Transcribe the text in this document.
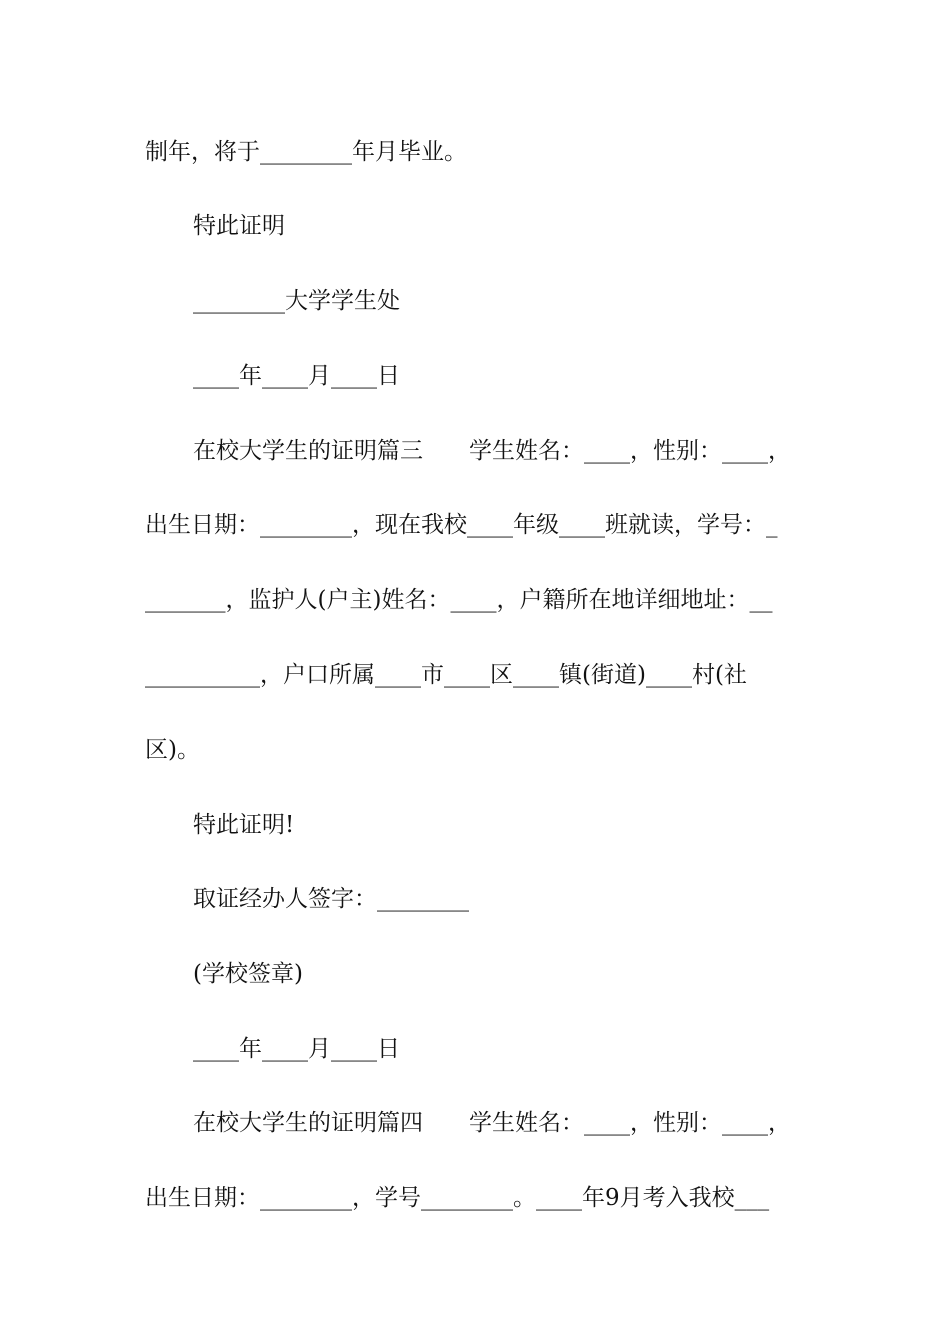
制年，将于________年月毕业。
特此证明
________大学学生处
____年____月____日
在校大学生的证明篇三　　学生姓名：____，性别：____，
出生日期：________，现在我校____年级____班就读，学号：_
_______，监护人(户主)姓名：____，户籍所在地详细地址：__
__________，户口所属____市____区____镇(街道)____村(社
区)。
特此证明!
取证经办人签字：________
(学校签章)
____年____月____日
在校大学生的证明篇四　　学生姓名：____，性别：____，
出生日期：________，学号________。____年9月考入我校___
